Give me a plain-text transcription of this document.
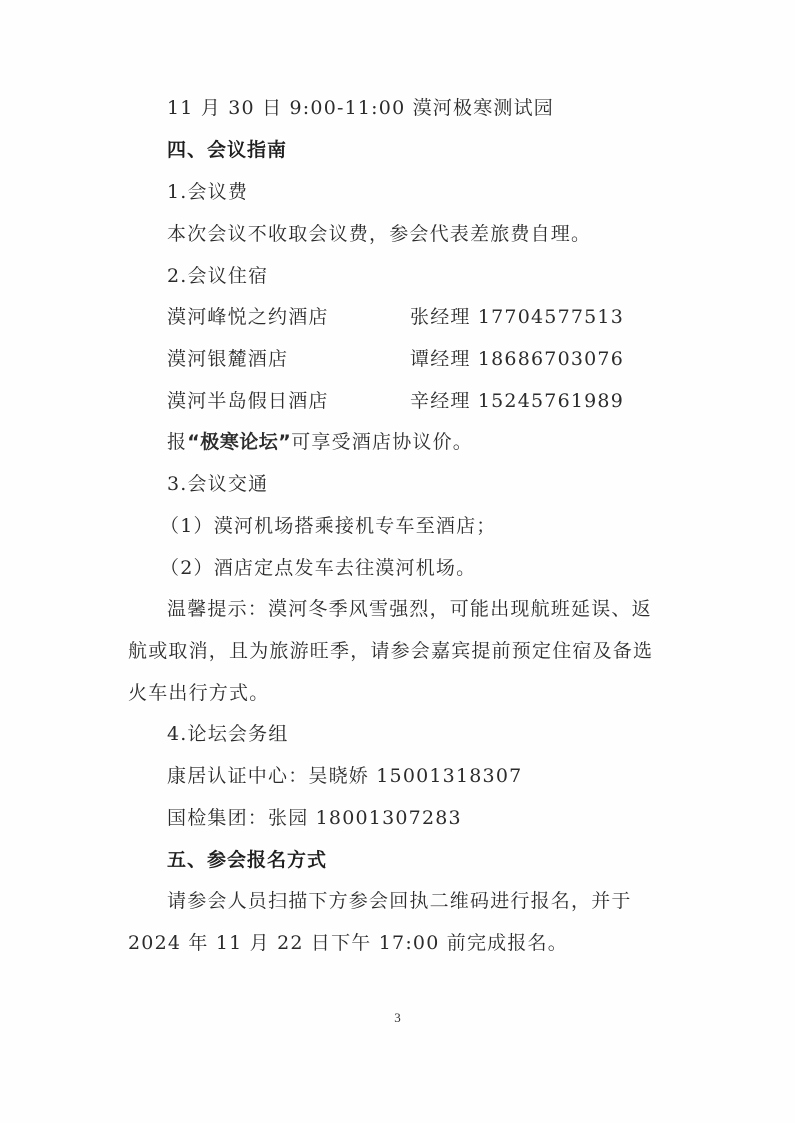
11 月 30 日 9:00-11:00 漠河极寒测试园
四、会议指南
1.会议费
本次会议不收取会议费，参会代表差旅费自理。
2.会议住宿
漠河峰悦之约酒店	张经理 17704577513
漠河银麓酒店	谭经理 18686703076
漠河半岛假日酒店	辛经理 15245761989
报“极寒论坛”可享受酒店协议价。
3.会议交通
（1）漠河机场搭乘接机专车至酒店；
（2）酒店定点发车去往漠河机场。
温馨提示：漠河冬季风雪强烈，可能出现航班延误、返
航或取消，且为旅游旺季，请参会嘉宾提前预定住宿及备选
火车出行方式。
4.论坛会务组
康居认证中心：吴晓娇 15001318307
国检集团：张园 18001307283
五、参会报名方式
请参会人员扫描下方参会回执二维码进行报名，并于
2024 年 11 月 22 日下午 17:00 前完成报名。
3
